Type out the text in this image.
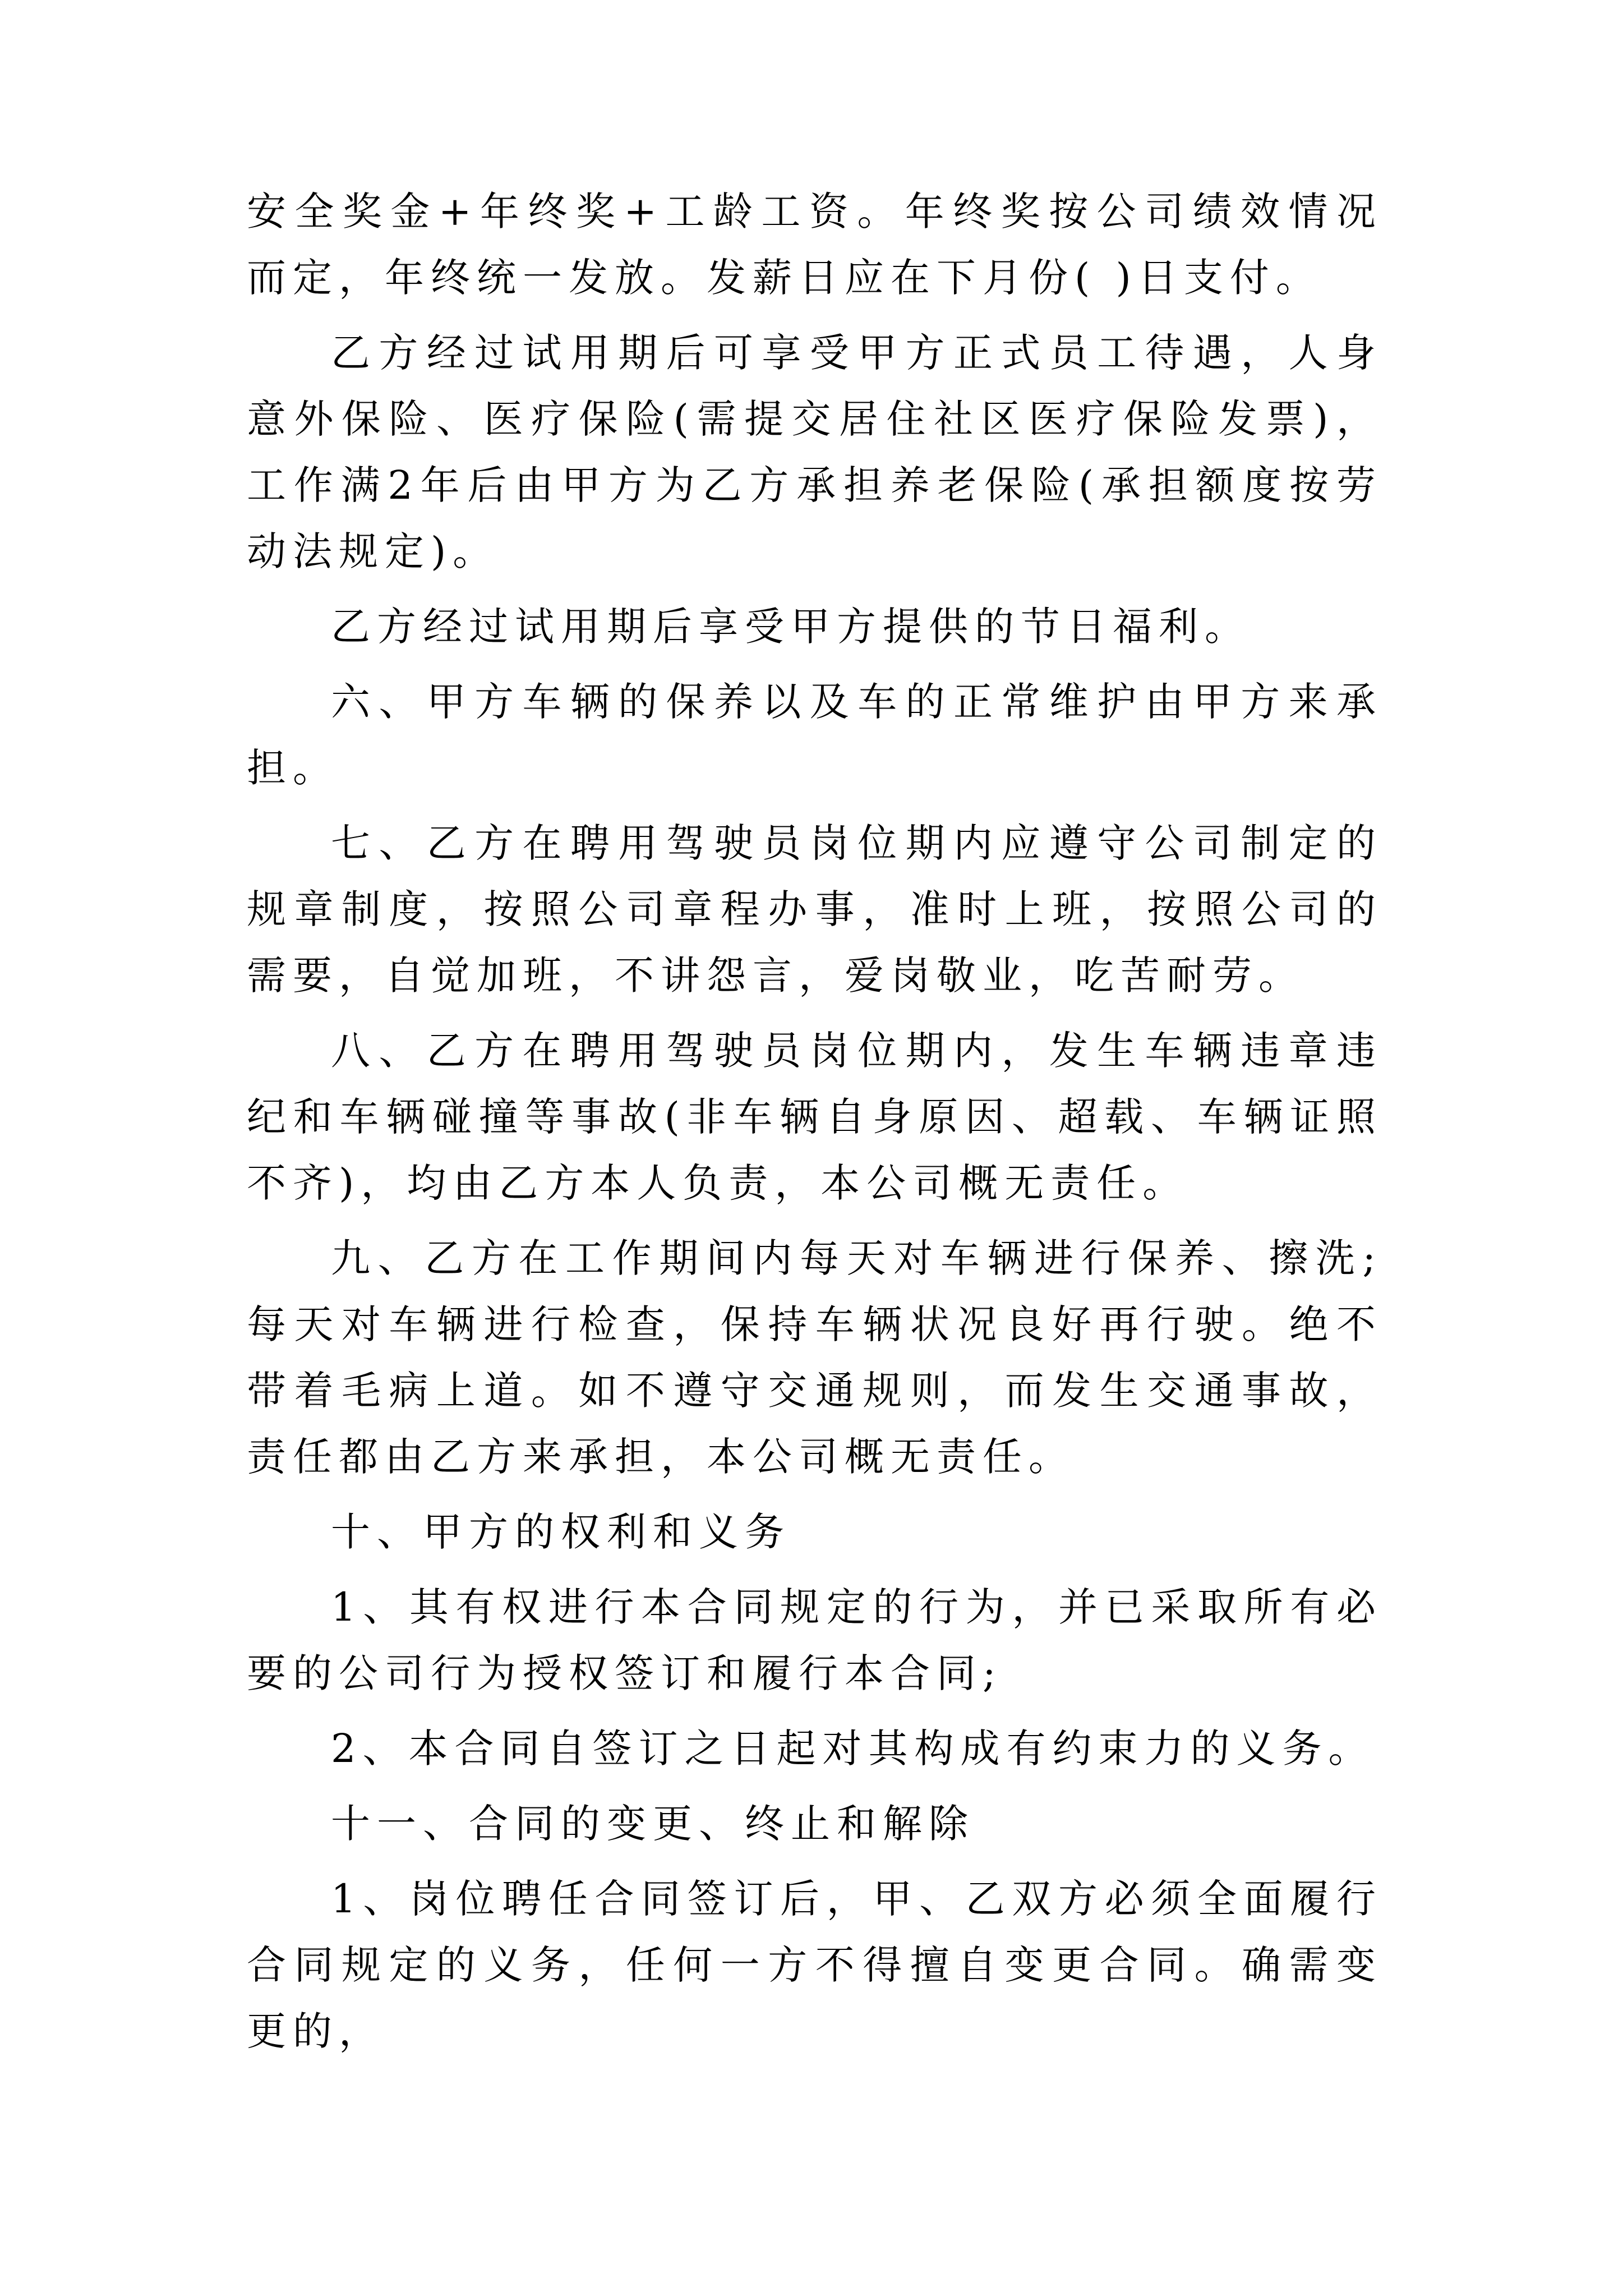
安全奖金+年终奖+工龄工资。年终奖按公司绩效情况而定，年终统一发放。发薪日应在下月份( )日支付。

乙方经过试用期后可享受甲方正式员工待遇，人身意外保险、医疗保险(需提交居住社区医疗保险发票)，工作满2年后由甲方为乙方承担养老保险(承担额度按劳动法规定)。

乙方经过试用期后享受甲方提供的节日福利。

六、甲方车辆的保养以及车的正常维护由甲方来承担。

七、乙方在聘用驾驶员岗位期内应遵守公司制定的规章制度，按照公司章程办事，准时上班，按照公司的需要，自觉加班，不讲怨言，爱岗敬业，吃苦耐劳。

八、乙方在聘用驾驶员岗位期内，发生车辆违章违纪和车辆碰撞等事故(非车辆自身原因、超载、车辆证照不齐)，均由乙方本人负责，本公司概无责任。

九、乙方在工作期间内每天对车辆进行保养、擦洗;每天对车辆进行检查，保持车辆状况良好再行驶。绝不带着毛病上道。如不遵守交通规则，而发生交通事故，责任都由乙方来承担，本公司概无责任。

十、甲方的权利和义务

1、其有权进行本合同规定的行为，并已采取所有必要的公司行为授权签订和履行本合同;

2、本合同自签订之日起对其构成有约束力的义务。

十一、合同的变更、终止和解除

1、岗位聘任合同签订后，甲、乙双方必须全面履行合同规定的义务，任何一方不得擅自变更合同。确需变更的，
